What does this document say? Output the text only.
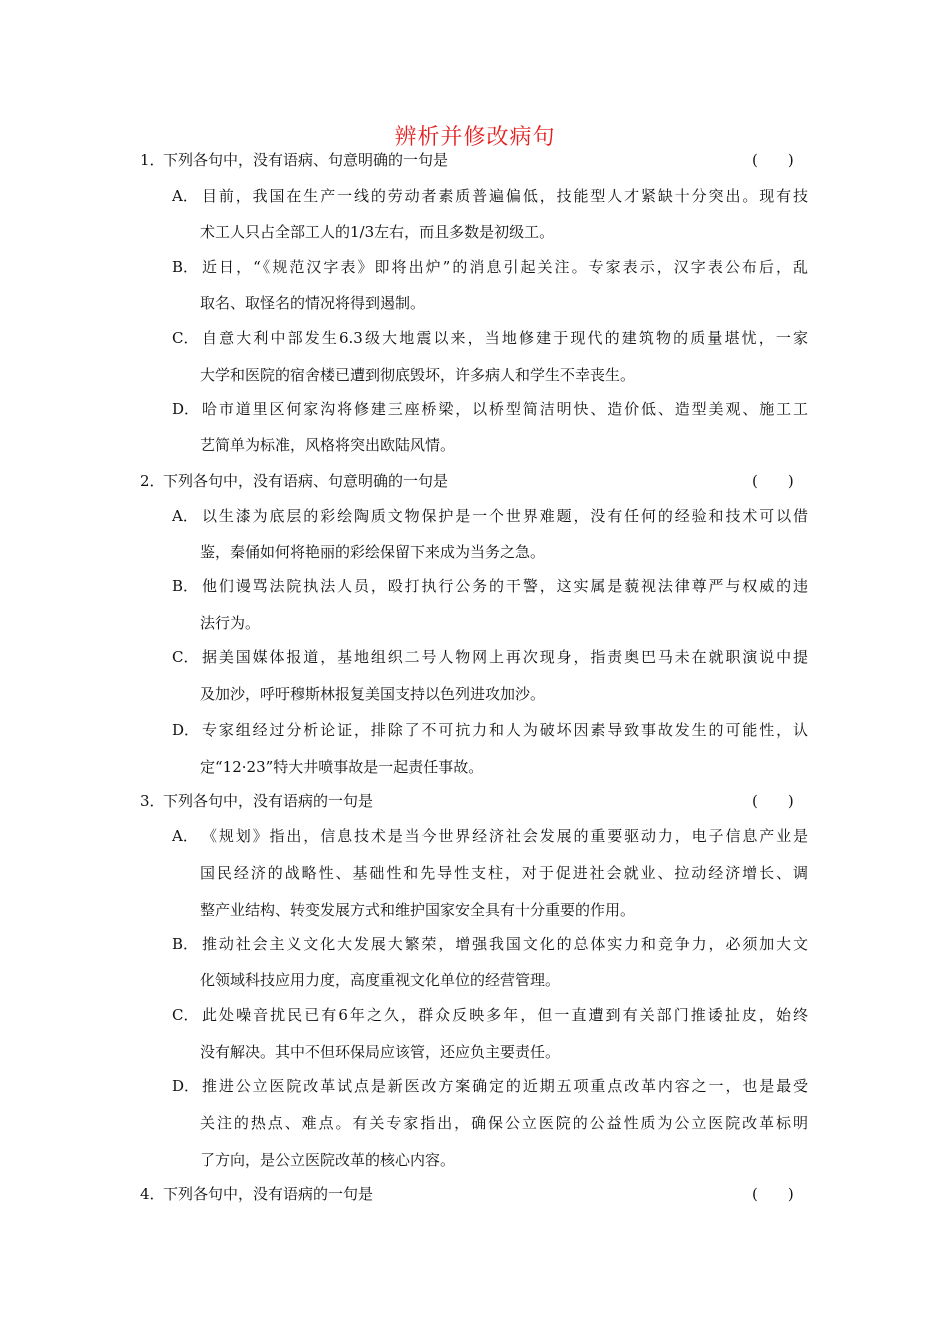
辨析并修改病句
1．
下列各句中，没有语病、句意明确的一句是	(　　)
A． 目前，我国在生产一线的劳动者素质普遍偏低，技能型人才紧缺十分突出。现有技
术工人只占全部工人的1/3左右，而且多数是初级工。
B． 近日，“《规范汉字表》即将出炉”的消息引起关注。专家表示，汉字表公布后，乱
取名、取怪名的情况将得到遏制。
C． 自意大利中部发生6.3级大地震以来，当地修建于现代的建筑物的质量堪忧，一家
大学和医院的宿舍楼已遭到彻底毁坏，许多病人和学生不幸丧生。
D． 哈市道里区何家沟将修建三座桥梁，以桥型简洁明快、造价低、造型美观、施工工
艺简单为标准，风格将突出欧陆风情。
2．
下列各句中，没有语病、句意明确的一句是	(　　)
A． 以生漆为底层的彩绘陶质文物保护是一个世界难题，没有任何的经验和技术可以借
鉴，秦俑如何将艳丽的彩绘保留下来成为当务之急。
B． 他们谩骂法院执法人员，殴打执行公务的干警，这实属是藐视法律尊严与权威的违
法行为。
C． 据美国媒体报道，基地组织二号人物网上再次现身，指责奥巴马未在就职演说中提
及加沙，呼吁穆斯林报复美国支持以色列进攻加沙。
D． 专家组经过分析论证，排除了不可抗力和人为破坏因素导致事故发生的可能性，认
定“12·23”特大井喷事故是一起责任事故。
3．
下列各句中，没有语病的一句是	(　　)
A． 《规划》指出，信息技术是当今世界经济社会发展的重要驱动力，电子信息产业是
国民经济的战略性、基础性和先导性支柱，对于促进社会就业、拉动经济增长、调
整产业结构、转变发展方式和维护国家安全具有十分重要的作用。
B． 推动社会主义文化大发展大繁荣，增强我国文化的总体实力和竞争力，必须加大文
化领域科技应用力度，高度重视文化单位的经营管理。
C． 此处噪音扰民已有6年之久，群众反映多年，但一直遭到有关部门推诿扯皮，始终
没有解决。其中不但环保局应该管，还应负主要责任。
D． 推进公立医院改革试点是新医改方案确定的近期五项重点改革内容之一，也是最受
关注的热点、难点。有关专家指出，确保公立医院的公益性质为公立医院改革标明
了方向，是公立医院改革的核心内容。
4．
下列各句中，没有语病的一句是	(　　)
